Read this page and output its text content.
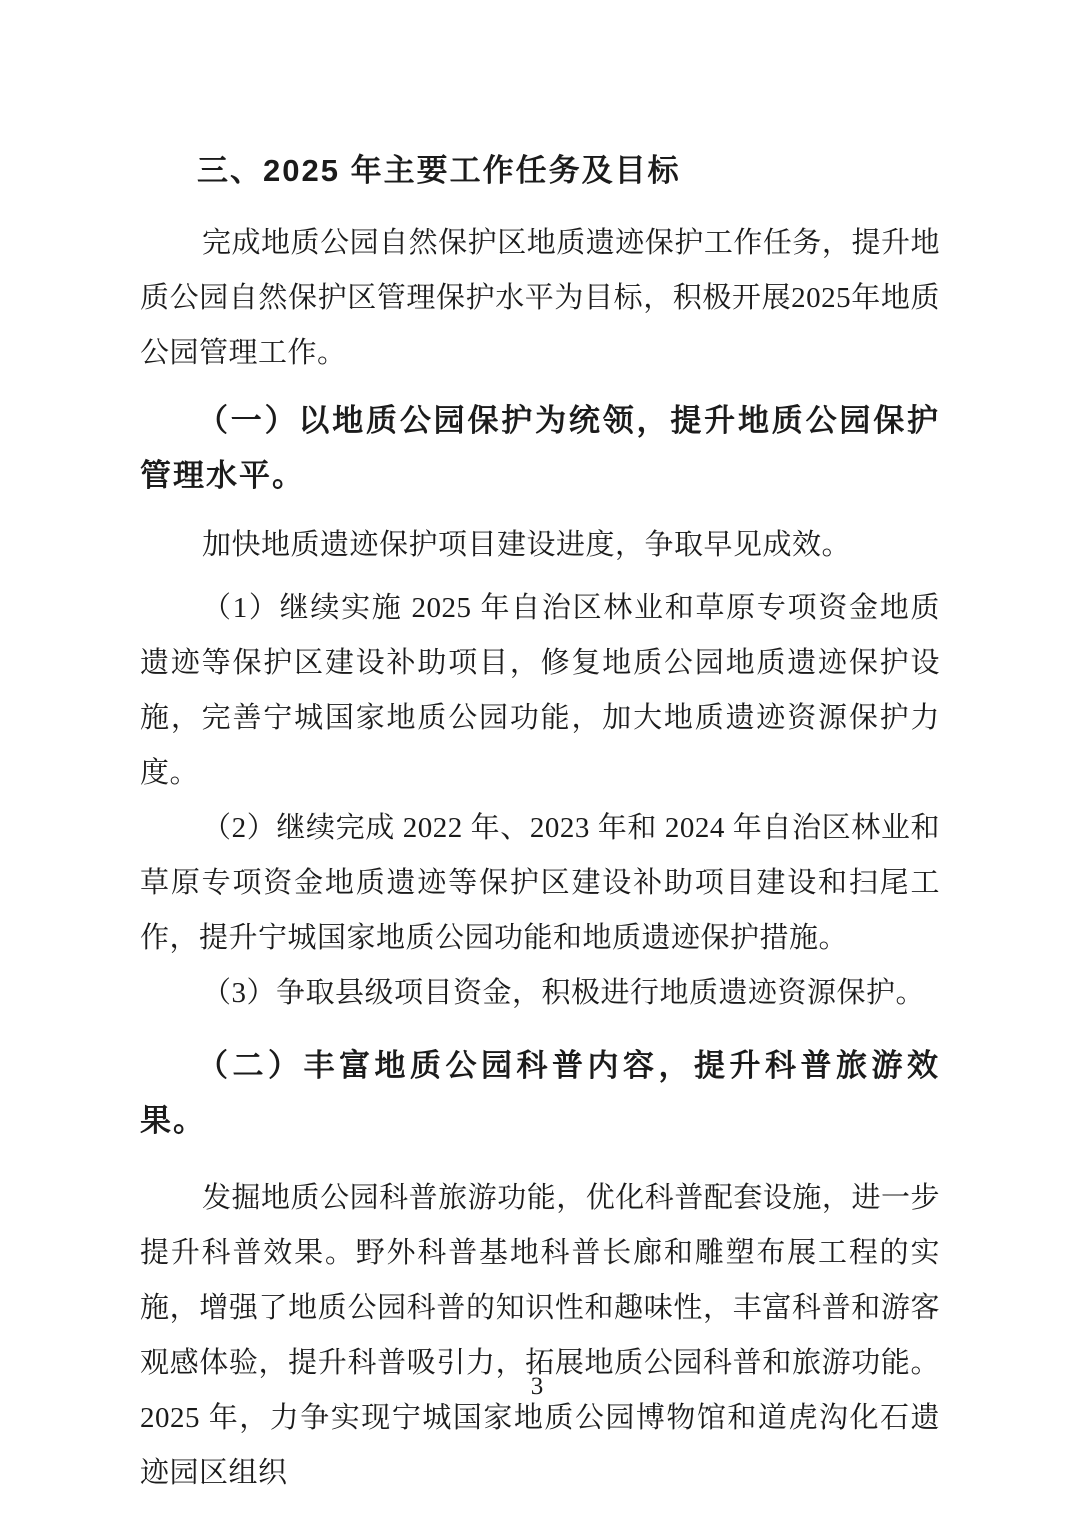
三、2025 年主要工作任务及目标

完成地质公园自然保护区地质遗迹保护工作任务，提升地质公园自然保护区管理保护水平为目标，积极开展2025年地质公园管理工作。

（一）以地质公园保护为统领，提升地质公园保护管理水平。

加快地质遗迹保护项目建设进度，争取早见成效。

（1）继续实施 2025 年自治区林业和草原专项资金地质遗迹等保护区建设补助项目，修复地质公园地质遗迹保护设施，完善宁城国家地质公园功能，加大地质遗迹资源保护力度。

（2）继续完成 2022 年、2023 年和 2024 年自治区林业和草原专项资金地质遗迹等保护区建设补助项目建设和扫尾工作，提升宁城国家地质公园功能和地质遗迹保护措施。

（3）争取县级项目资金，积极进行地质遗迹资源保护。

（二）丰富地质公园科普内容，提升科普旅游效果。

发掘地质公园科普旅游功能，优化科普配套设施，进一步提升科普效果。野外科普基地科普长廊和雕塑布展工程的实施，增强了地质公园科普的知识性和趣味性，丰富科普和游客观感体验，提升科普吸引力，拓展地质公园科普和旅游功能。2025 年，力争实现宁城国家地质公园博物馆和道虎沟化石遗迹园区组织

3
